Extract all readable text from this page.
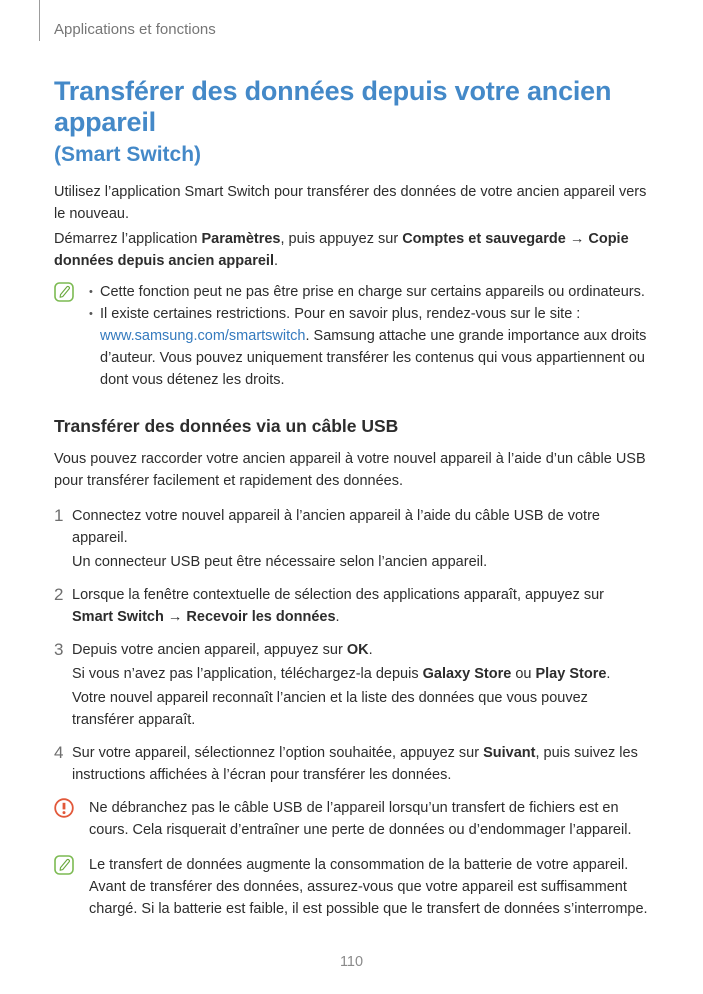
Applications et fonctions
Transférer des données depuis votre ancien appareil
(Smart Switch)

Utilisez l’application Smart Switch pour transférer des données de votre ancien appareil vers le nouveau.

Démarrez l’application Paramètres, puis appuyez sur Comptes et sauvegarde → Copie données depuis ancien appareil.

• Cette fonction peut ne pas être prise en charge sur certains appareils ou ordinateurs.
• Il existe certaines restrictions. Pour en savoir plus, rendez-vous sur le site : www.samsung.com/smartswitch. Samsung attache une grande importance aux droits d’auteur. Vous pouvez uniquement transférer les contenus qui vous appartiennent ou dont vous détenez les droits.
Transférer des données via un câble USB

Vous pouvez raccorder votre ancien appareil à votre nouvel appareil à l’aide d’un câble USB pour transférer facilement et rapidement des données.

1 Connectez votre nouvel appareil à l’ancien appareil à l’aide du câble USB de votre appareil.

Un connecteur USB peut être nécessaire selon l’ancien appareil.

2 Lorsque la fenêtre contextuelle de sélection des applications apparaît, appuyez sur Smart Switch → Recevoir les données.

3 Depuis votre ancien appareil, appuyez sur OK.

Si vous n’avez pas l’application, téléchargez-la depuis Galaxy Store ou Play Store.

Votre nouvel appareil reconnaît l’ancien et la liste des données que vous pouvez transférer apparaît.

4 Sur votre appareil, sélectionnez l’option souhaitée, appuyez sur Suivant, puis suivez les instructions affichées à l’écran pour transférer les données.

Ne débranchez pas le câble USB de l’appareil lorsqu’un transfert de fichiers est en cours. Cela risquerait d’entraîner une perte de données ou d’endommager l’appareil.

Le transfert de données augmente la consommation de la batterie de votre appareil. Avant de transférer des données, assurez-vous que votre appareil est suffisamment chargé. Si la batterie est faible, il est possible que le transfert de données s’interrompe.

110
